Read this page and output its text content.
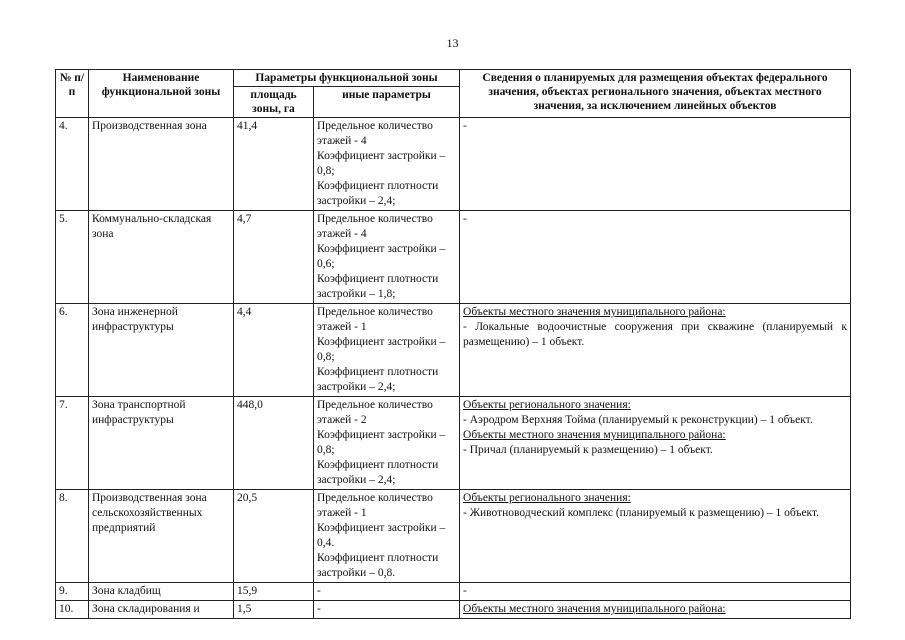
13
№ п/п	Наименование функциональной зоны	Параметры функциональной зоны		Сведения о планируемых для размещения объектах федерального значения, объектах регионального значения, объектах местного значения, за исключением линейных объектов
		площадь зоны, га	иные параметры	
4.	Производственная зона	41,4	Предельное количество этажей - 4
Коэффициент застройки – 0,8;
Коэффициент плотности застройки – 2,4;	-

5.	Коммунально-складская зона	4,7	Предельное количество этажей - 4
Коэффициент застройки – 0,6;
Коэффициент плотности застройки – 1,8;	-

6.	Зона инженерной инфраструктуры	4,4	Предельное количество этажей - 1
Коэффициент застройки – 0,8;
Коэффициент плотности застройки – 2,4;	Объекты местного значения муниципального района:
- Локальные водоочистные сооружения при скважине (планируемый к размещению) – 1 объект.

7.	Зона транспортной инфраструктуры	448,0	Предельное количество этажей - 2
Коэффициент застройки – 0,8;
Коэффициент плотности застройки – 2,4;	Объекты регионального значения:
- Аэродром Верхняя Тойма (планируемый к реконструкции) – 1 объект.
Объекты местного значения муниципального района:
- Причал (планируемый к размещению) – 1 объект.

8.	Производственная зона сельскохозяйственных предприятий	20,5	Предельное количество этажей - 1
Коэффициент застройки – 0,4.
Коэффициент плотности застройки – 0,8.	Объекты регионального значения:
- Животноводческий комплекс (планируемый к размещению) – 1 объект.

9.	Зона кладбищ	15,9	-	-

10.	Зона складирования и	1,5	-	Объекты местного значения муниципального района:
